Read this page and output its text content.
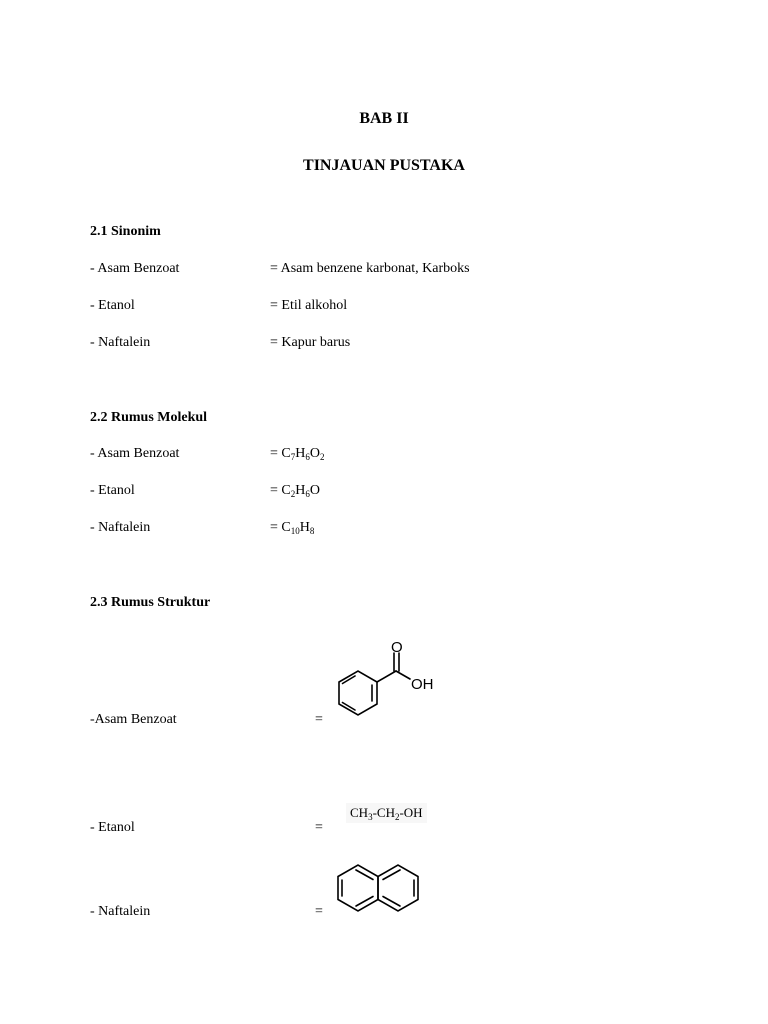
BAB II
TINJAUAN PUSTAKA
2.1 Sinonim
- Asam Benzoat	= Asam benzene karbonat, Karboks
- Etanol	= Etil alkohol
- Naftalein	= Kapur barus
2.2 Rumus Molekul
- Asam Benzoat	= $C_7H_6O_2$
- Etanol	= $C_2H_6O$
- Naftalein	= $C_{10}H_8$
2.3 Rumus Struktur
-Asam Benzoat	=
O
OH
- Etanol	=
$CH_3-CH_2-OH$
- Naftalein	=
